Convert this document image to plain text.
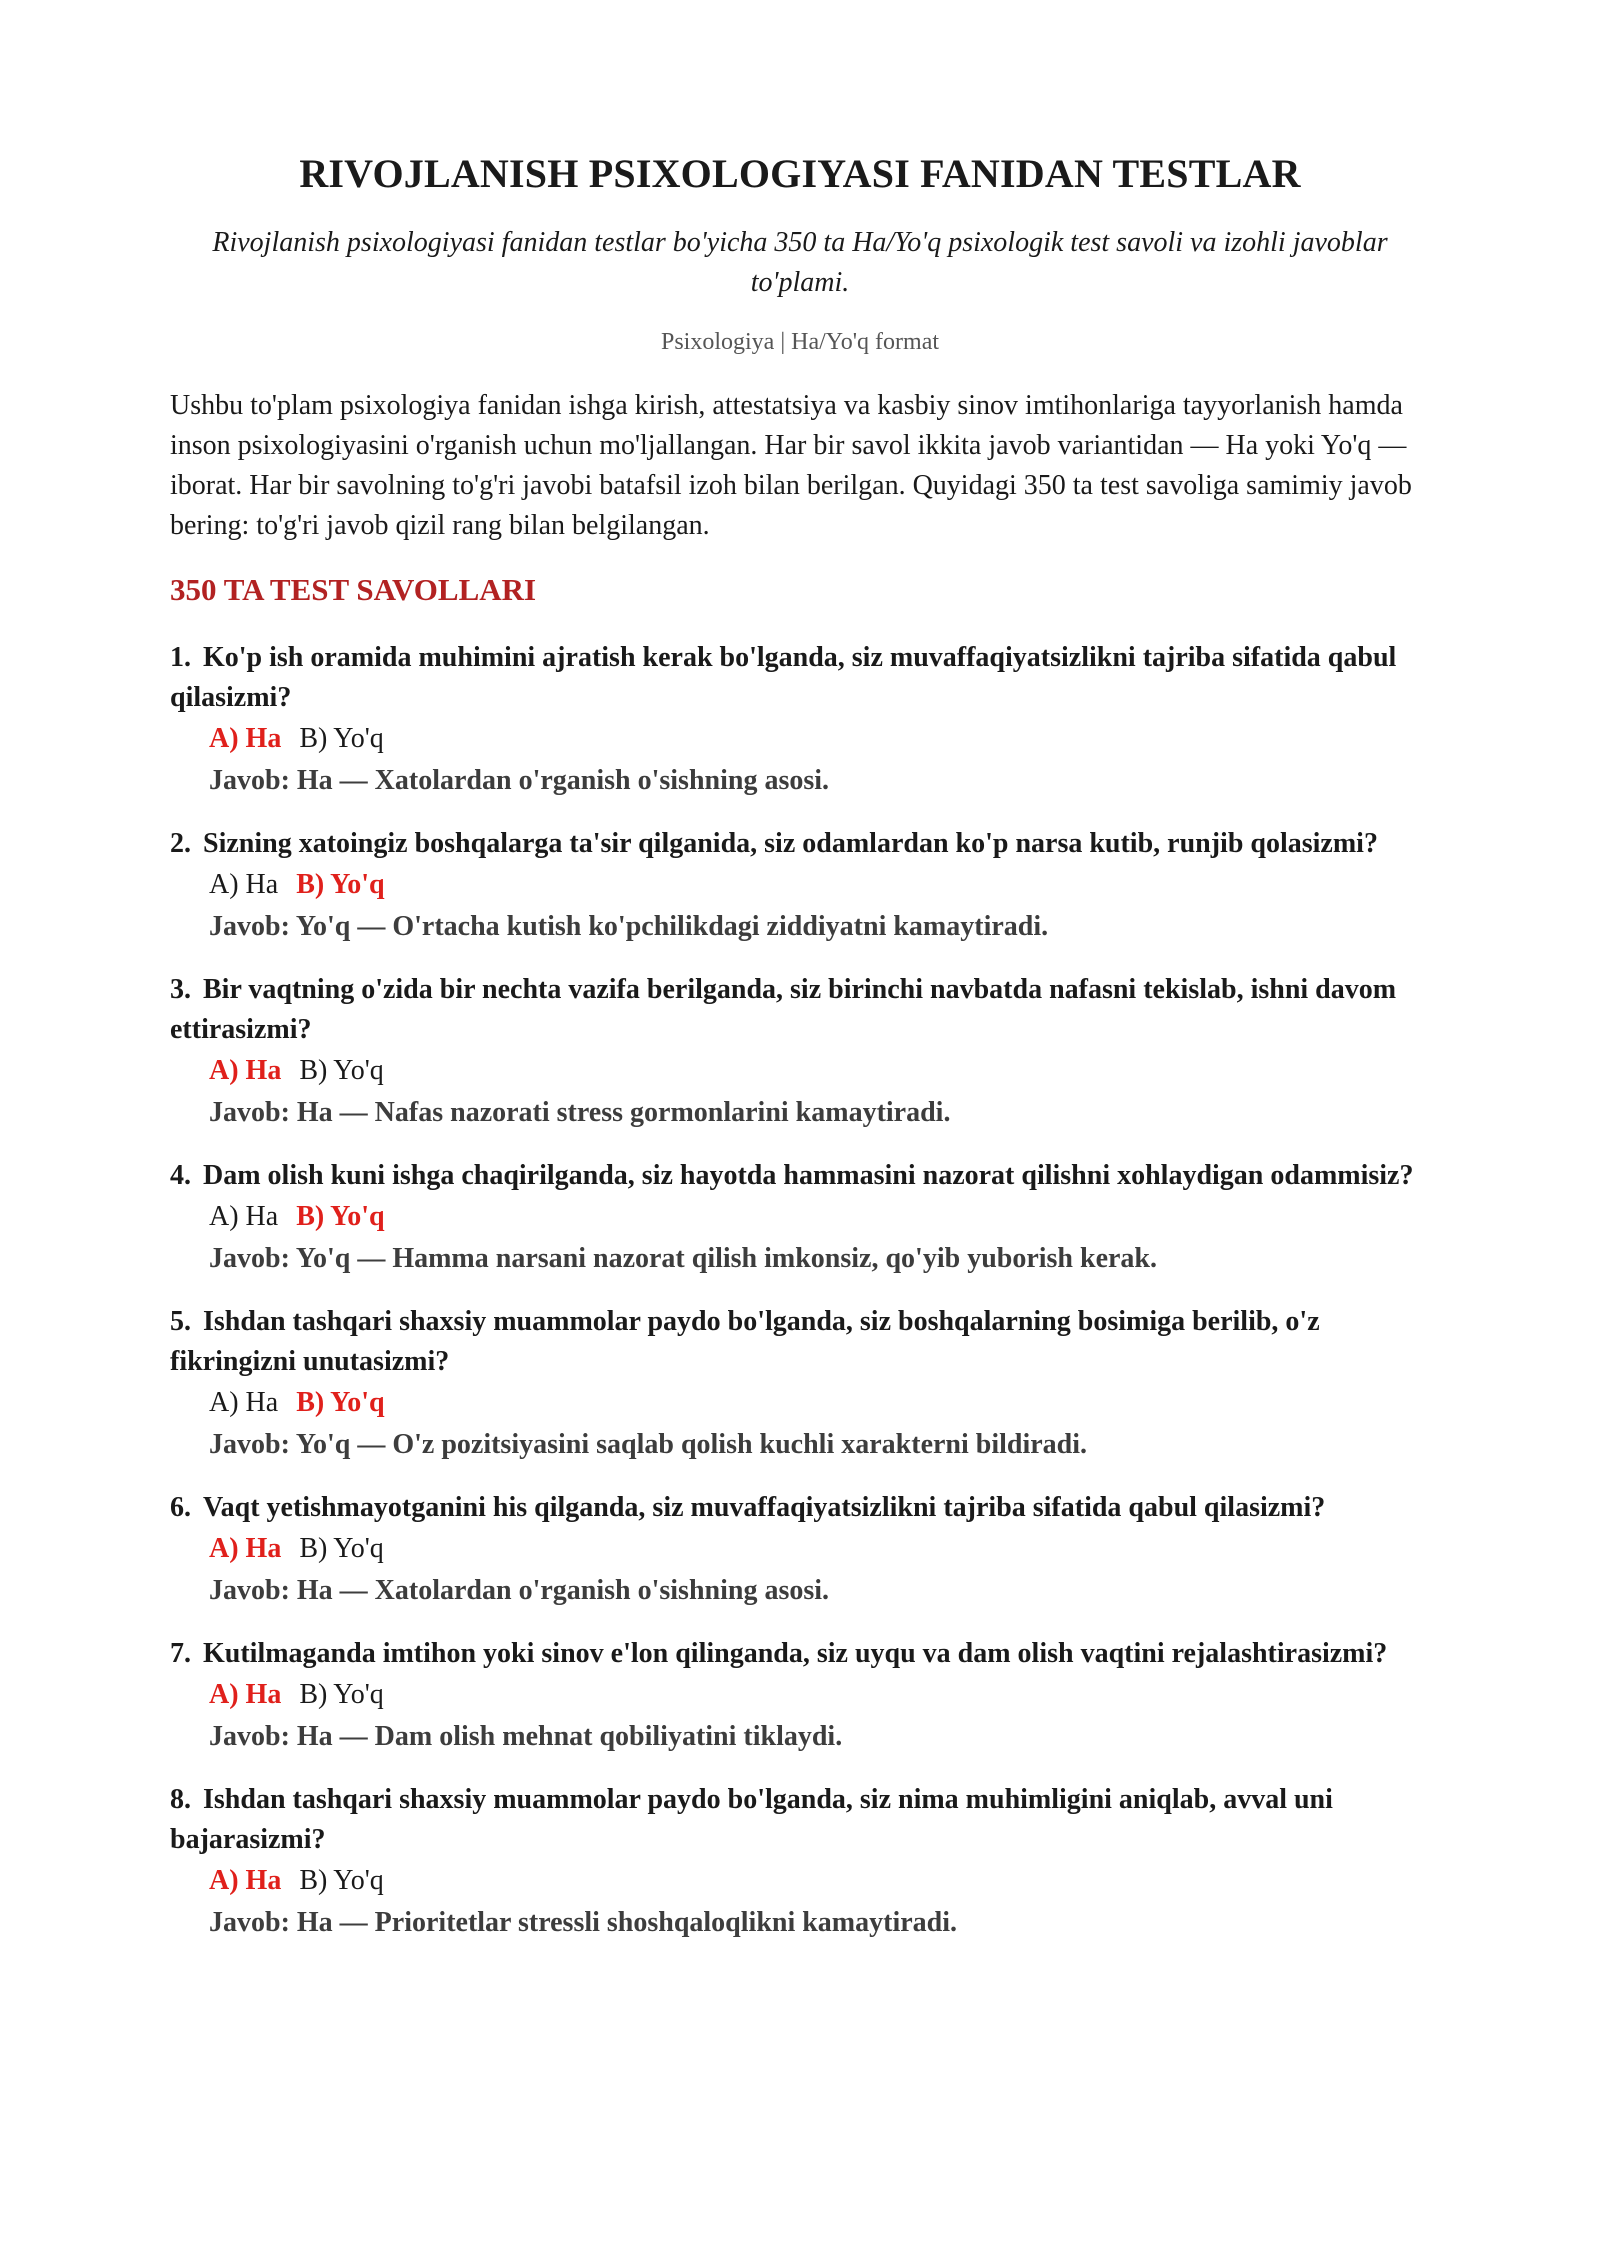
RIVOJLANISH PSIXOLOGIYASI FANIDAN TESTLAR

Rivojlanish psixologiyasi fanidan testlar bo'yicha 350 ta Ha/Yo'q psixologik test savoli va izohli javoblar to'plami.

Psixologiya | Ha/Yo'q format

Ushbu to'plam psixologiya fanidan ishga kirish, attestatsiya va kasbiy sinov imtihonlariga tayyorlanish hamda inson psixologiyasini o'rganish uchun mo'ljallangan. Har bir savol ikkita javob variantidan — Ha yoki Yo'q — iborat. Har bir savolning to'g'ri javobi batafsil izoh bilan berilgan. Quyidagi 350 ta test savoliga samimiy javob bering: to'g'ri javob qizil rang bilan belgilangan.

350 TA TEST SAVOLLARI

1. Ko'p ish oramida muhimini ajratish kerak bo'lganda, siz muvaffaqiyatsizlikni tajriba sifatida qabul qilasizmi?

A) Ha B) Yo'q

Javob: Ha — Xatolardan o'rganish o'sishning asosi.

2. Sizning xatoingiz boshqalarga ta'sir qilganida, siz odamlardan ko'p narsa kutib, runjib qolasizmi?

A) Ha B) Yo'q

Javob: Yo'q — O'rtacha kutish ko'pchilikdagi ziddiyatni kamaytiradi.

3. Bir vaqtning o'zida bir nechta vazifa berilganda, siz birinchi navbatda nafasni tekislab, ishni davom ettirasizmi?

A) Ha B) Yo'q

Javob: Ha — Nafas nazorati stress gormonlarini kamaytiradi.

4. Dam olish kuni ishga chaqirilganda, siz hayotda hammasini nazorat qilishni xohlaydigan odammisiz?

A) Ha B) Yo'q

Javob: Yo'q — Hamma narsani nazorat qilish imkonsiz, qo'yib yuborish kerak.

5. Ishdan tashqari shaxsiy muammolar paydo bo'lganda, siz boshqalarning bosimiga berilib, o'z fikringizni unutasizmi?

A) Ha B) Yo'q

Javob: Yo'q — O'z pozitsiyasini saqlab qolish kuchli xarakterni bildiradi.

6. Vaqt yetishmayotganini his qilganda, siz muvaffaqiyatsizlikni tajriba sifatida qabul qilasizmi?

A) Ha B) Yo'q

Javob: Ha — Xatolardan o'rganish o'sishning asosi.

7. Kutilmaganda imtihon yoki sinov e'lon qilinganda, siz uyqu va dam olish vaqtini rejalashtirasizmi?

A) Ha B) Yo'q

Javob: Ha — Dam olish mehnat qobiliyatini tiklaydi.

8. Ishdan tashqari shaxsiy muammolar paydo bo'lganda, siz nima muhimligini aniqlab, avval uni bajarasizmi?

A) Ha B) Yo'q

Javob: Ha — Prioritetlar stressli shoshqaloqlikni kamaytiradi.
